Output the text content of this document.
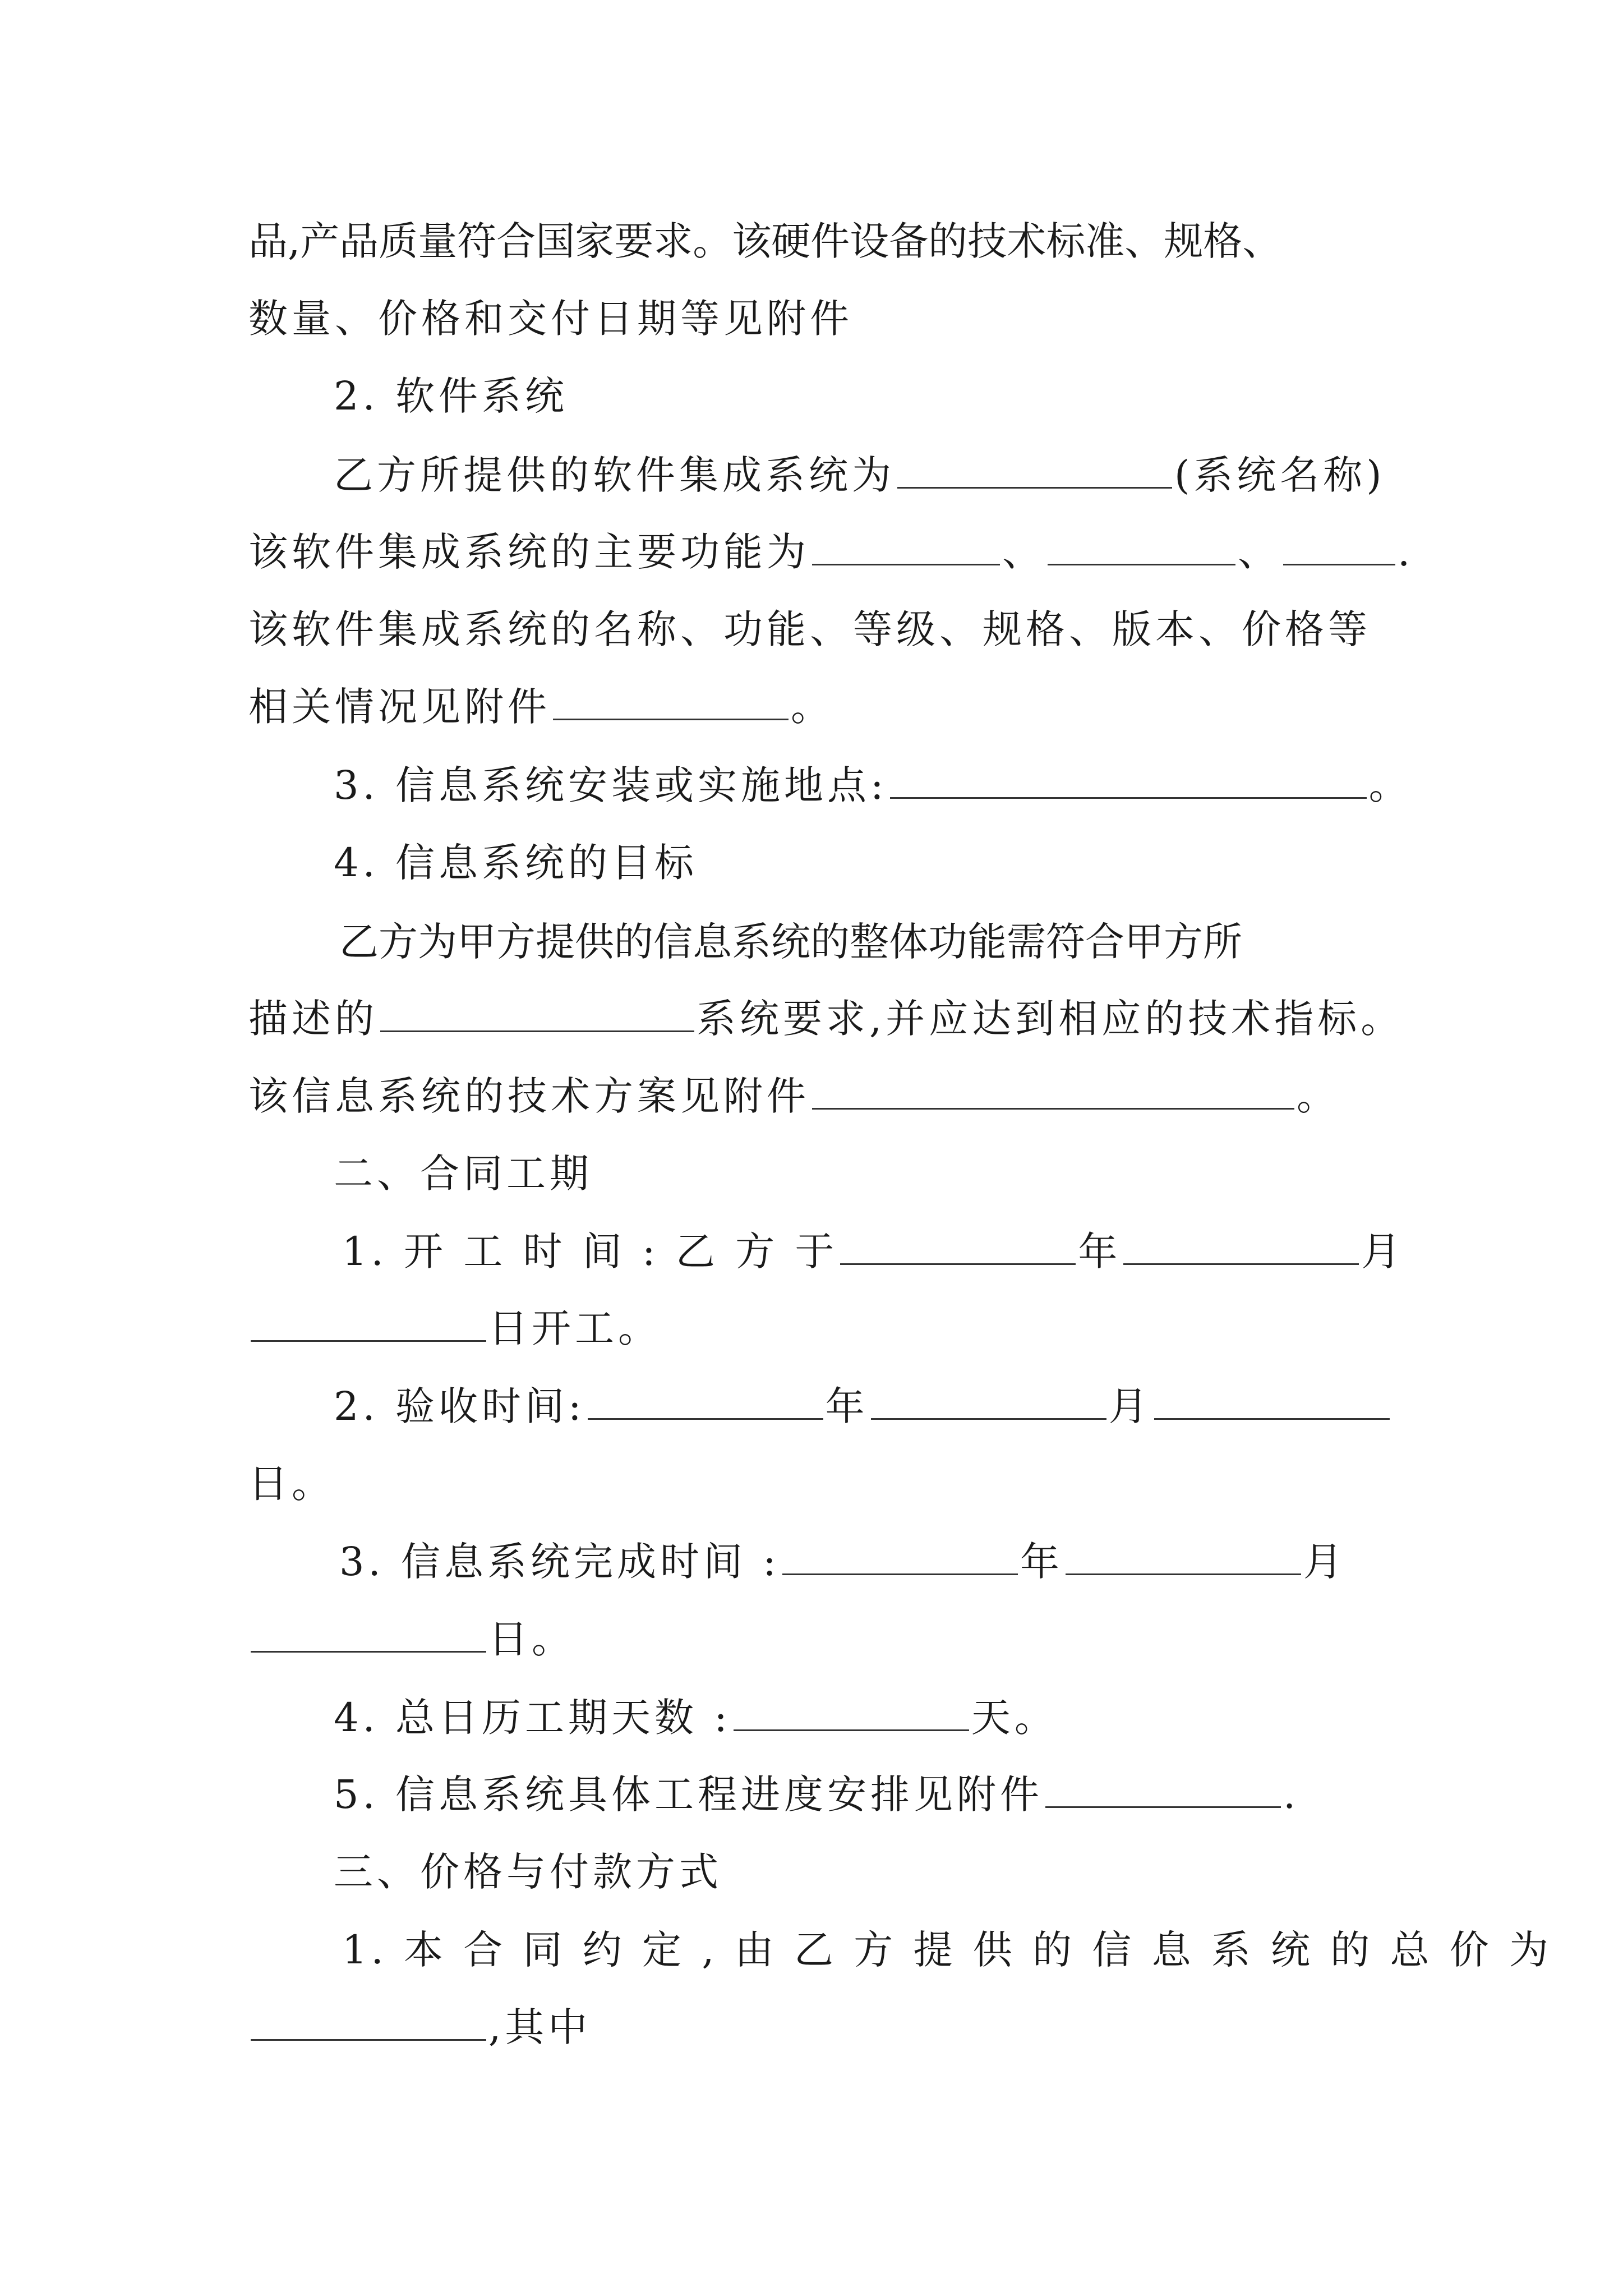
品,产品质量符合国家要求。该硬件设备的技术标准、规格、
数量、价格和交付日期等见附件
2. 软件系统
乙方所提供的软件集成系统为	(系统名称)
该软件集成系统的主要功能为	、	、	.
该软件集成系统的名称、功能、等级、规格、版本、价格等
相关情况见附件	。
3. 信息系统安装或实施地点:	。
4. 信息系统的目标
乙方为甲方提供的信息系统的整体功能需符合甲方所
描述的	系统要求,并应达到相应的技术指标。
该信息系统的技术方案见附件	。
二、合同工期
1. 开 工 时 间 : 乙 方 于	年	月
日开工。
2. 验收时间:	年	月
日。
3. 信息系统完成时间 :	年	月
日。
4. 总日历工期天数 :	天。
5. 信息系统具体工程进度安排见附件	.
三、价格与付款方式
1. 本 合 同 约 定 , 由 乙 方 提 供 的 信 息 系 统 的 总 价 为
,其中
